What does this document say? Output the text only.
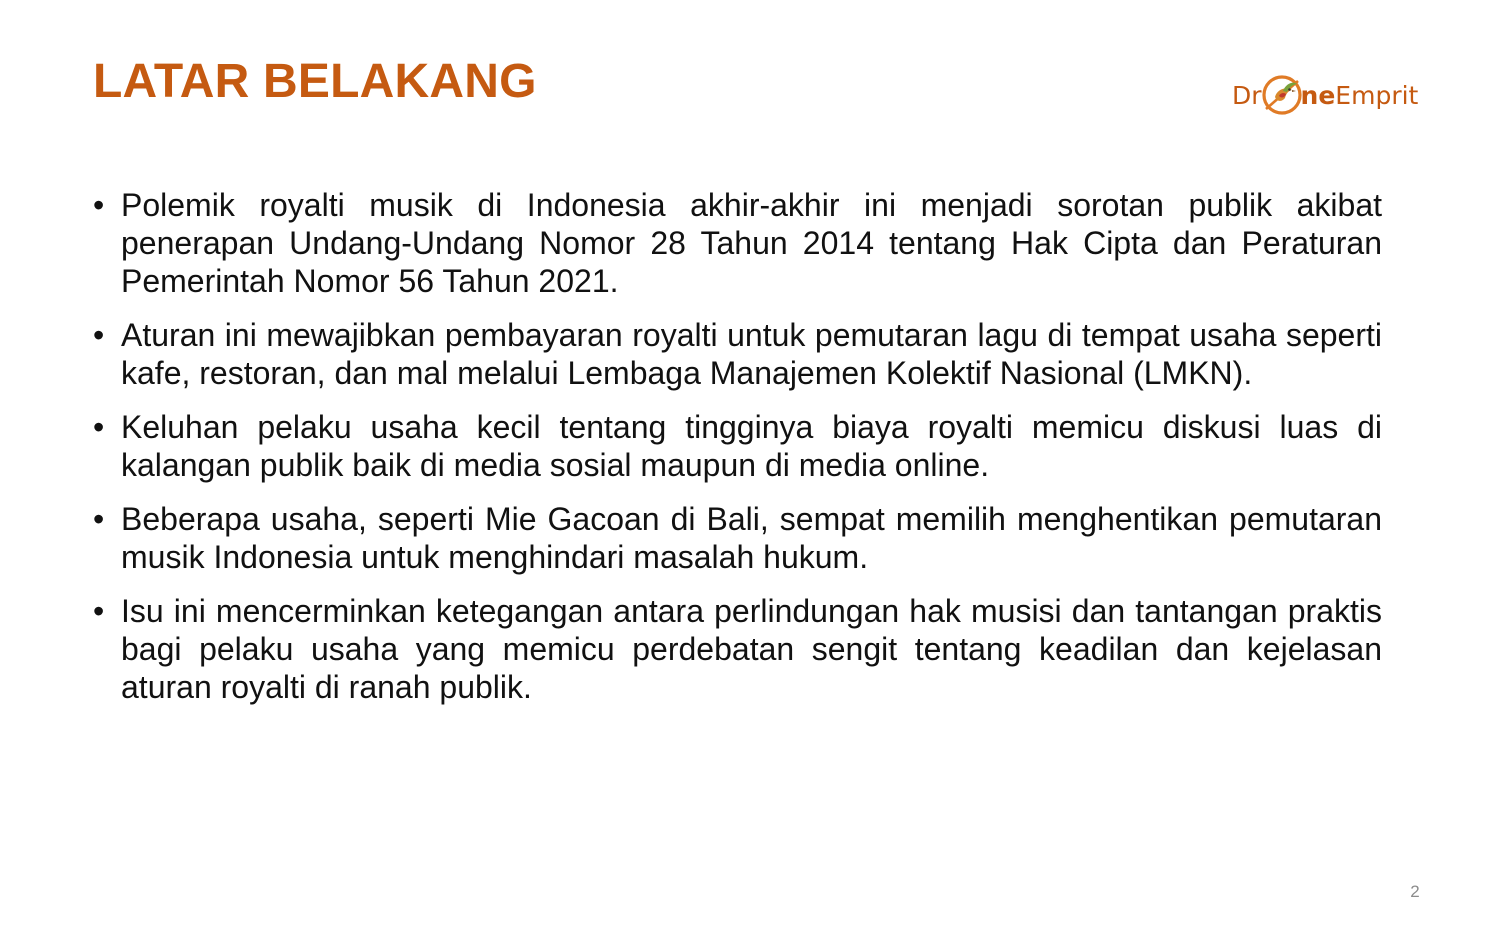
LATAR BELAKANG	Dr ne Emprit
• Polemik royalti musik di Indonesia akhir-akhir ini menjadi sorotan publik akibat penerapan Undang-Undang Nomor 28 Tahun 2014 tentang Hak Cipta dan Peraturan Pemerintah Nomor 56 Tahun 2021.
• Aturan ini mewajibkan pembayaran royalti untuk pemutaran lagu di tempat usaha seperti kafe, restoran, dan mal melalui Lembaga Manajemen Kolektif Nasional (LMKN).
• Keluhan pelaku usaha kecil tentang tingginya biaya royalti memicu diskusi luas di kalangan publik baik di media sosial maupun di media online.
• Beberapa usaha, seperti Mie Gacoan di Bali, sempat memilih menghentikan pemutaran musik Indonesia untuk menghindari masalah hukum.
• Isu ini mencerminkan ketegangan antara perlindungan hak musisi dan tantangan praktis bagi pelaku usaha yang memicu perdebatan sengit tentang keadilan dan kejelasan aturan royalti di ranah publik.
2
